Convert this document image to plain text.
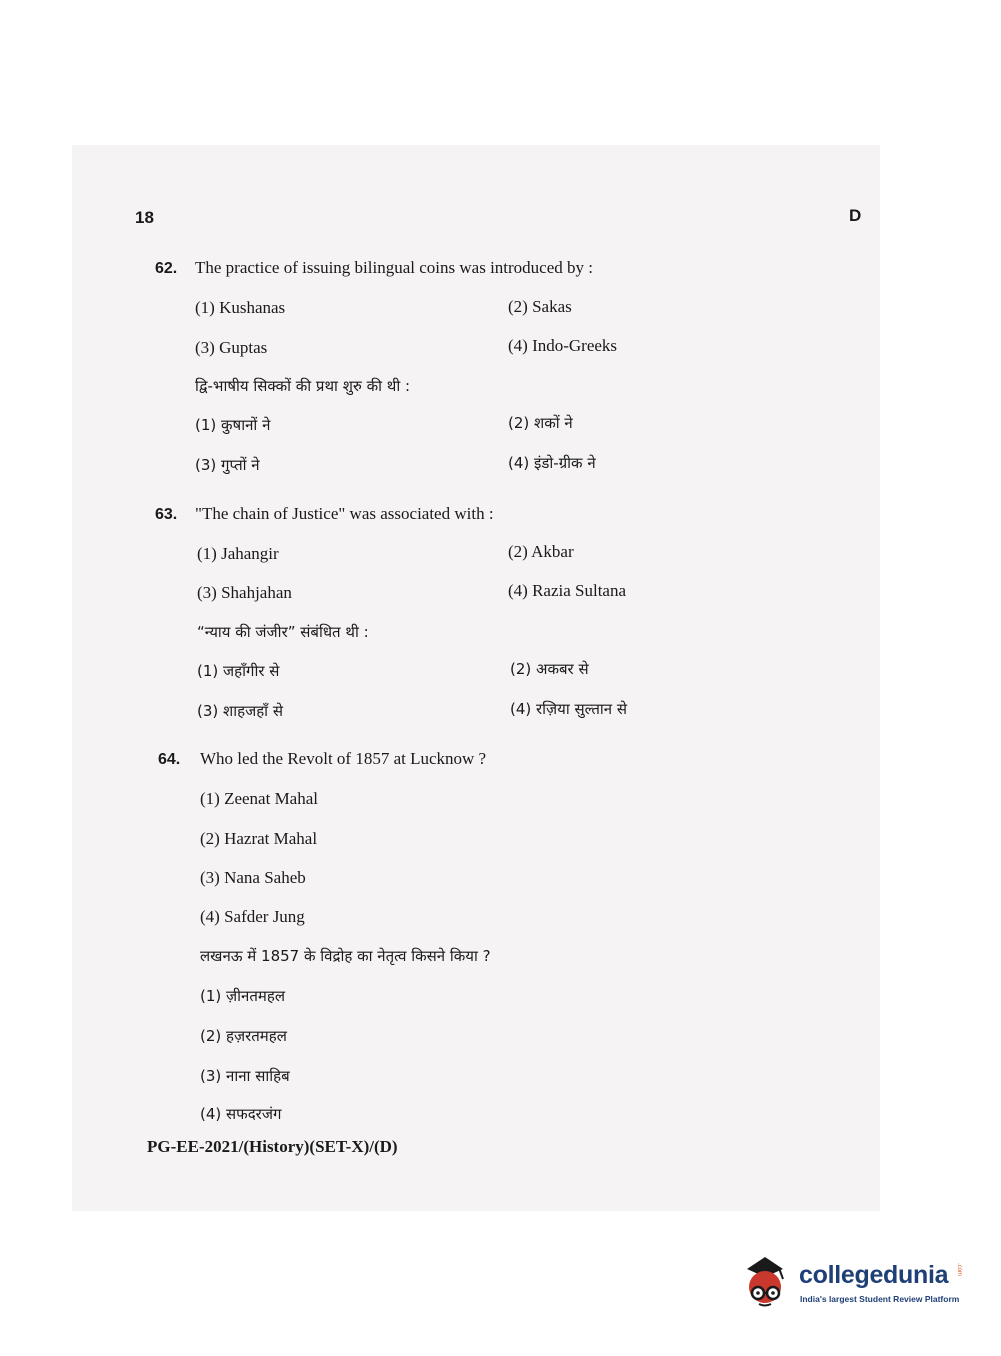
18	D
62. The practice of issuing bilingual coins was introduced by :
(1) Kushanas	(2) Sakas
(3) Guptas	(4) Indo-Greeks
द्वि-भाषीय सिक्कों की प्रथा शुरु की थी :
(1) कुषानों ने	(2) शकों ने
(3) गुप्तों ने	(4) इंडो-ग्रीक ने
63. "The chain of Justice" was associated with :
(1) Jahangir	(2) Akbar
(3) Shahjahan	(4) Razia Sultana
“न्याय की जंजीर” संबंधित थी :
(1) जहाँगीर से	(2) अकबर से
(3) शाहजहाँ से	(4) रज़िया सुल्तान से
64. Who led the Revolt of 1857 at Lucknow ?
(1) Zeenat Mahal
(2) Hazrat Mahal
(3) Nana Saheb
(4) Safder Jung
लखनऊ में 1857 के विद्रोह का नेतृत्व किसने किया ?
(1) ज़ीनतमहल
(2) हज़रतमहल
(3) नाना साहिब
(4) सफदरजंग
PG-EE-2021/(History)(SET-X)/(D)
collegedunia .com
India's largest Student Review Platform
